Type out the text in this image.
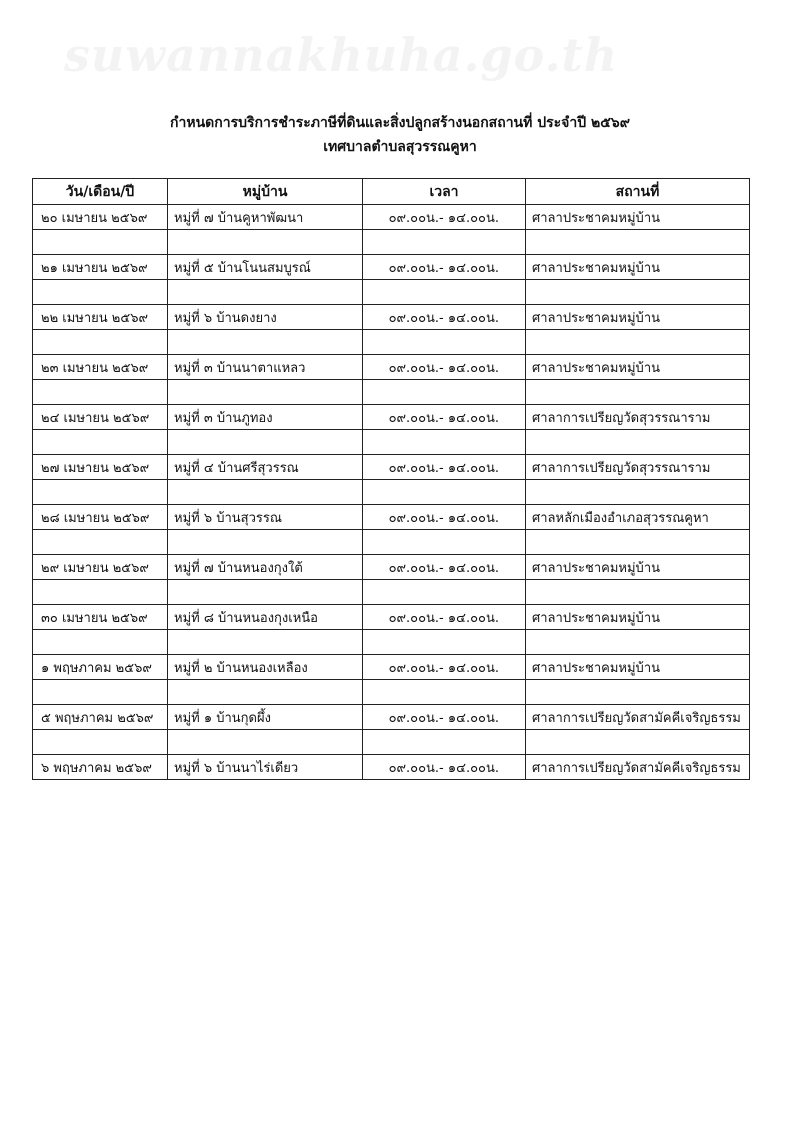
suwannakhuha.go.th
กำหนดการบริการชำระภาษีที่ดินและสิ่งปลูกสร้างนอกสถานที่ ประจำปี ๒๕๖๙
เทศบาลตำบลสุวรรณคูหา
วัน/เดือน/ปี	หมู่บ้าน	เวลา	สถานที่
๒๐ เมษายน ๒๕๖๙	หมู่ที่ ๗ บ้านคูหาพัฒนา	๐๙.๐๐น.- ๑๔.๐๐น.	ศาลาประชาคมหมู่บ้าน

๒๑ เมษายน ๒๕๖๙	หมู่ที่ ๕ บ้านโนนสมบูรณ์	๐๙.๐๐น.- ๑๔.๐๐น.	ศาลาประชาคมหมู่บ้าน

๒๒ เมษายน ๒๕๖๙	หมู่ที่ ๖ บ้านดงยาง	๐๙.๐๐น.- ๑๔.๐๐น.	ศาลาประชาคมหมู่บ้าน

๒๓ เมษายน ๒๕๖๙	หมู่ที่ ๓ บ้านนาตาแหลว	๐๙.๐๐น.- ๑๔.๐๐น.	ศาลาประชาคมหมู่บ้าน

๒๔ เมษายน ๒๕๖๙	หมู่ที่ ๓ บ้านภูทอง	๐๙.๐๐น.- ๑๔.๐๐น.	ศาลาการเปรียญวัดสุวรรณาราม

๒๗ เมษายน ๒๕๖๙	หมู่ที่ ๔ บ้านศรีสุวรรณ	๐๙.๐๐น.- ๑๔.๐๐น.	ศาลาการเปรียญวัดสุวรรณาราม

๒๘ เมษายน ๒๕๖๙	หมู่ที่ ๖ บ้านสุวรรณ	๐๙.๐๐น.- ๑๔.๐๐น.	ศาลหลักเมืองอำเภอสุวรรณคูหา

๒๙ เมษายน ๒๕๖๙	หมู่ที่ ๗ บ้านหนองกุงใต้	๐๙.๐๐น.- ๑๔.๐๐น.	ศาลาประชาคมหมู่บ้าน

๓๐ เมษายน ๒๕๖๙	หมู่ที่ ๘ บ้านหนองกุงเหนือ	๐๙.๐๐น.- ๑๔.๐๐น.	ศาลาประชาคมหมู่บ้าน

๑ พฤษภาคม ๒๕๖๙	หมู่ที่ ๒ บ้านหนองเหลือง	๐๙.๐๐น.- ๑๔.๐๐น.	ศาลาประชาคมหมู่บ้าน

๕ พฤษภาคม ๒๕๖๙	หมู่ที่ ๑ บ้านกุดผึ้ง	๐๙.๐๐น.- ๑๔.๐๐น.	ศาลาการเปรียญวัดสามัคคีเจริญธรรม

๖ พฤษภาคม ๒๕๖๙	หมู่ที่ ๖ บ้านนาไร่เดียว	๐๙.๐๐น.- ๑๔.๐๐น.	ศาลาการเปรียญวัดสามัคคีเจริญธรรม
